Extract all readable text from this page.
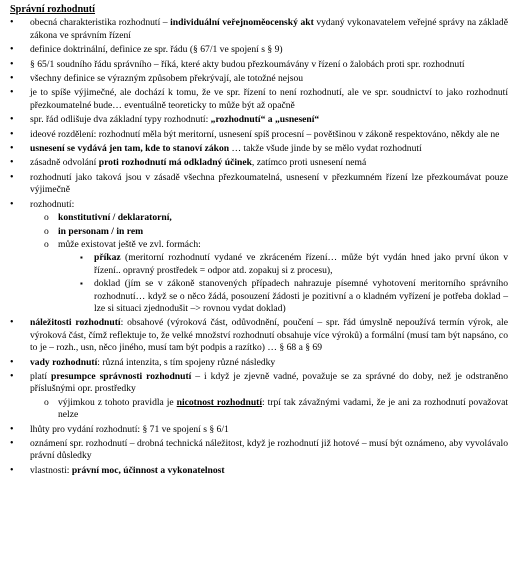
Správní rozhodnutí
• obecná charakteristika rozhodnutí – individuální veřejnoměocenský akt vydaný vykonavatelem veřejné správy na základě zákona ve správním řízení
• definice doktrinální, definice ze spr. řádu (§ 67/1 ve spojení s § 9)
• § 65/1 soudního řádu správního – říká, které akty budou přezkoumávány v řízení o žalobách proti spr. rozhodnutí
• všechny definice se výrazným způsobem překrývají, ale totožné nejsou
• je to spíše výjimečné, ale dochází k tomu, že ve spr. řízení to není rozhodnutí, ale ve spr. soudnictví to jako rozhodnutí přezkoumatelné bude… eventuálně teoreticky to může být až opačně
• spr. řád odlišuje dva základní typy rozhodnutí: „rozhodnutí“ a „usnesení“
• ideové rozdělení: rozhodnutí měla být meritorní, usnesení spíš procesní – povětšinou v zákoně respektováno, někdy ale ne
• usnesení se vydává jen tam, kde to stanoví zákon … takže všude jinde by se mělo vydat rozhodnutí
• zásadně odvolání proti rozhodnutí má odkladný účinek, zatímco proti usnesení nemá
• rozhodnutí jako taková jsou v zásadě všechna přezkoumatelná, usnesení v přezkumném řízení lze přezkoumávat pouze výjimečně
• rozhodnutí:
o konstitutivní / deklaratorní,
o in personam / in rem
o může existovat ještě ve zvl. formách:
▪ příkaz (meritorní rozhodnutí vydané ve zkráceném řízení… může být vydán hned jako první úkon v řízení.. opravný prostředek = odpor atd. zopakuj si z procesu),
▪ doklad (jím se v zákoně stanovených případech nahrazuje písemné vyhotovení meritorního správního rozhodnutí… když se o něco žádá, posouzení žádosti je pozitivní a o kladném vyřízení je potřeba doklad – lze si situaci zjednodušit –> rovnou vydat doklad)
• náležitosti rozhodnutí: obsahové (výroková část, odůvodnění, poučení – spr. řád úmyslně nepoužívá termín výrok, ale výroková část, čímž reflektuje to, že velké množství rozhodnutí obsahuje více výroků) a formální (musí tam být napsáno, co to je – rozh., usn, něco jiného, musí tam být podpis a razítko) … § 68 a § 69
• vady rozhodnutí: různá intenzita, s tím spojeny různé následky
• platí presumpce správnosti rozhodnutí – i když je zjevně vadné, považuje se za správné do doby, než je odstraněno příslušnými opr. prostředky
o výjimkou z tohoto pravidla je nicotnost rozhodnutí: trpí tak závažnými vadami, že je ani za rozhodnutí považovat nelze
• lhůty pro vydání rozhodnutí: § 71 ve spojení s § 6/1
• oznámení spr. rozhodnutí – drobná technická náležitost, když je rozhodnutí již hotové – musí být oznámeno, aby vyvolávalo právní důsledky
• vlastnosti: právní moc, účinnost a vykonatelnost
